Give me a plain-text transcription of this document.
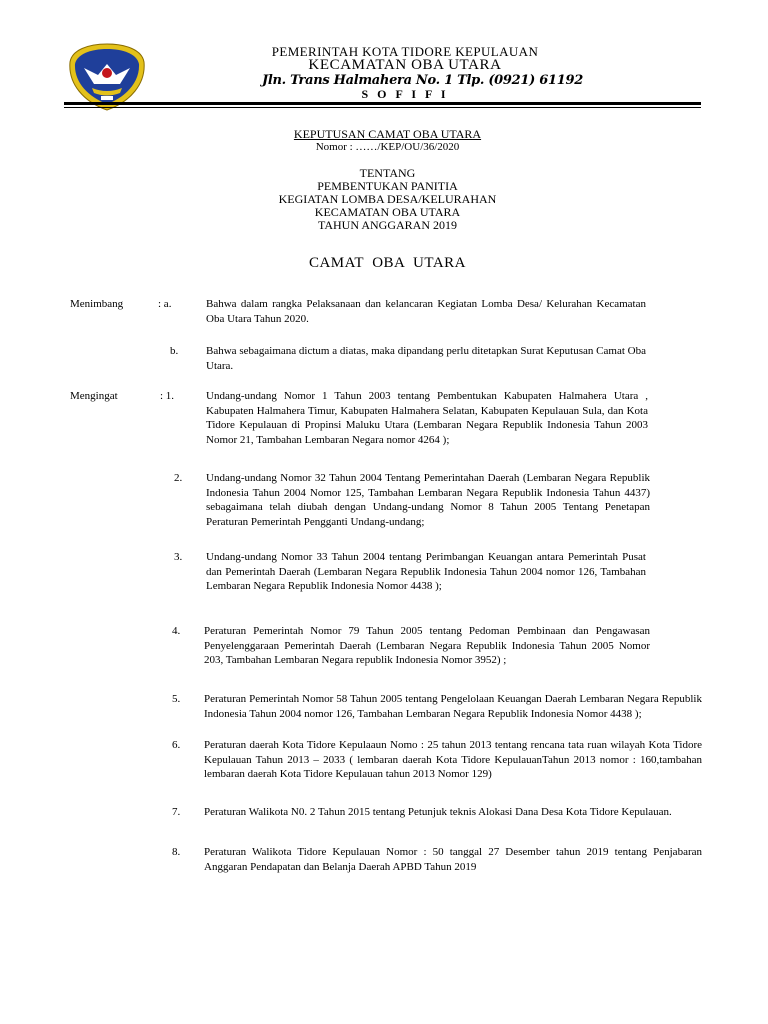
PEMERINTAH KOTA TIDORE KEPULAUAN
KECAMATAN OBA UTARA
Jln. Trans Halmahera No. 1 Tlp. (0921) 61192
S O F I F I
KEPUTUSAN CAMAT OBA UTARA
Nomor : ……/KEP/OU/36/2020
TENTANG
PEMBENTUKAN PANITIA
KEGIATAN LOMBA DESA/KELURAHAN
KECAMATAN OBA UTARA
TAHUN ANGGARAN 2019
CAMAT  OBA  UTARA
Menimbang	: a.	Bahwa dalam rangka Pelaksanaan dan kelancaran Kegiatan Lomba Desa/ Kelurahan Kecamatan Oba Utara Tahun 2020.
b.	Bahwa sebagaimana dictum a diatas, maka dipandang perlu ditetapkan Surat Keputusan Camat Oba Utara.
Mengingat	: 1.	Undang-undang Nomor 1 Tahun 2003 tentang Pembentukan Kabupaten Halmahera Utara , Kabupaten Halmahera Timur, Kabupaten Halmahera Selatan, Kabupaten Kepulauan Sula, dan Kota Tidore Kepulauan di Propinsi Maluku Utara (Lembaran Negara Republik Indonesia Tahun 2003 Nomor 21, Tambahan Lembaran Negara nomor 4264 );
2. Undang-undang Nomor 32 Tahun 2004 Tentang Pemerintahan Daerah (Lembaran Negara Republik Indonesia Tahun 2004 Nomor 125, Tambahan Lembaran Negara Republik Indonesia Tahun 4437) sebagaimana telah diubah dengan Undang-undang Nomor 8 Tahun 2005 Tentang Penetapan Peraturan Pemerintah Pengganti Undang-undang;
3. Undang-undang Nomor 33 Tahun 2004 tentang Perimbangan Keuangan antara Pemerintah Pusat dan Pemerintah Daerah (Lembaran Negara Republik Indonesia Tahun 2004 nomor 126, Tambahan Lembaran Negara Republik Indonesia Nomor 4438 );
4. Peraturan Pemerintah Nomor 79 Tahun 2005 tentang Pedoman Pembinaan dan Pengawasan Penyelenggaraan Pemerintah Daerah (Lembaran Negara Republik Indonesia Tahun 2005 Nomor 203, Tambahan Lembaran Negara republik Indonesia Nomor 3952) ;
5. Peraturan Pemerintah Nomor 58 Tahun 2005 tentang Pengelolaan Keuangan Daerah Lembaran Negara Republik Indonesia Tahun 2004 nomor 126, Tambahan Lembaran Negara Republik Indonesia Nomor 4438 );
6. Peraturan daerah Kota Tidore Kepulaaun Nomo : 25 tahun 2013 tentang rencana tata ruan wilayah Kota Tidore Kepulauan Tahun 2013 – 2033 ( lembaran daerah Kota Tidore KepulauanTahun 2013 nomor : 160,tambahan lembaran daerah Kota Tidore Kepulauan tahun 2013 Nomor 129)
7. Peraturan Walikota N0. 2 Tahun 2015 tentang Petunjuk teknis Alokasi Dana Desa Kota Tidore Kepulauan.
8. Peraturan Walikota Tidore Kepulauan Nomor : 50 tanggal 27 Desember tahun 2019 tentang Penjabaran Anggaran Pendapatan dan Belanja Daerah APBD Tahun 2019
